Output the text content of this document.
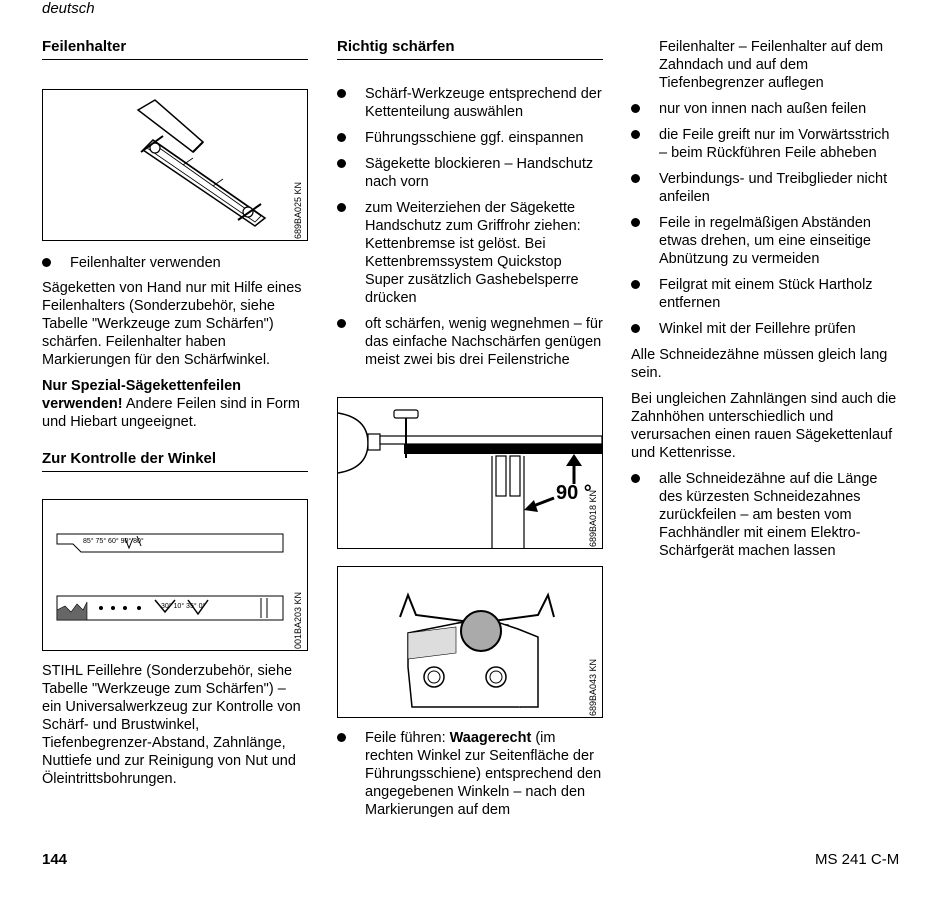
deutsch
Feilenhalter
689BA025 KN
Feilenhalter verwenden

Sägeketten von Hand nur mit Hilfe eines Feilenhalters (Sonderzubehör, siehe Tabelle "Werkzeuge zum Schärfen") schärfen. Feilenhalter haben Markierungen für den Schärfwinkel.

Nur Spezial-Sägekettenfeilen verwenden! Andere Feilen sind in Form und Hiebart ungeeignet.

Zur Kontrolle der Winkel
85° 75° 60° 90° 80°
30° 10° 35° 0°	001BA203 KN

STIHL Feillehre (Sonderzubehör, siehe Tabelle "Werkzeuge zum Schärfen") – ein Universalwerkzeug zur Kontrolle von Schärf- und Brustwinkel, Tiefenbegrenzer-Abstand, Zahnlänge, Nuttiefe und zur Reinigung von Nut und Öleintrittsbohrungen.

Richtig schärfen
Schärf-Werkzeuge entsprechend der Kettenteilung auswählen
Führungsschiene ggf. einspannen
Sägekette blockieren – Handschutz nach vorn
zum Weiterziehen der Sägekette Handschutz zum Griffrohr ziehen: Kettenbremse ist gelöst. Bei Kettenbremssystem Quickstop Super zusätzlich Gashebelsperre drücken
oft schärfen, wenig wegnehmen – für das einfache Nachschärfen genügen meist zwei bis drei Feilenstriche
90 °
689BA018 KN
689BA043 KN
Feile führen: Waagerecht (im rechten Winkel zur Seitenfläche der Führungsschiene) entsprechend den angegebenen Winkeln – nach den Markierungen auf dem
Feilenhalter – Feilenhalter auf dem Zahndach und auf dem Tiefenbegrenzer auflegen
nur von innen nach außen feilen
die Feile greift nur im Vorwärtsstrich – beim Rückführen Feile abheben
Verbindungs- und Treibglieder nicht anfeilen
Feile in regelmäßigen Abständen etwas drehen, um eine einseitige Abnützung zu vermeiden
Feilgrat mit einem Stück Hartholz entfernen
Winkel mit der Feillehre prüfen

Alle Schneidezähne müssen gleich lang sein.

Bei ungleichen Zahnlängen sind auch die Zahnhöhen unterschiedlich und verursachen einen rauen Sägekettenlauf und Kettenrisse.

alle Schneidezähne auf die Länge des kürzesten Schneidezahnes zurückfeilen – am besten vom Fachhändler mit einem Elektro-Schärfgerät machen lassen
144	MS 241 C-M
